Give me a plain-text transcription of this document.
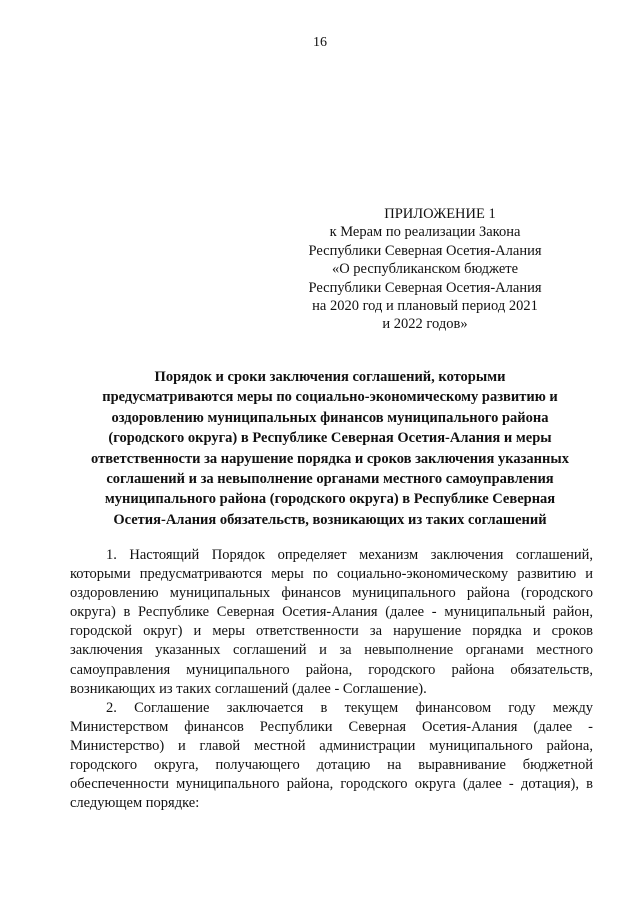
16
ПРИЛОЖЕНИЕ 1
к Мерам по реализации Закона
Республики Северная Осетия-Алания
«О республиканском бюджете
Республики Северная Осетия-Алания
на 2020 год и плановый период 2021
и 2022 годов»
Порядок и сроки заключения соглашений, которыми
предусматриваются меры по социально-экономическому развитию и
оздоровлению муниципальных финансов муниципального района
(городского округа) в Республике Северная Осетия-Алания и меры
ответственности за нарушение порядка и сроков заключения указанных
соглашений и за невыполнение органами местного самоуправления
муниципального района (городского округа) в Республике Северная
Осетия-Алания обязательств, возникающих из таких соглашений
1. Настоящий Порядок определяет механизм заключения соглашений,
которыми предусматриваются меры по социально-экономическому развитию и
оздоровлению муниципальных финансов муниципального района (городского
округа) в Республике Северная Осетия-Алания (далее - муниципальный район,
городской округ) и меры ответственности за нарушение порядка и сроков
заключения указанных соглашений и за невыполнение органами местного
самоуправления муниципального района, городского района обязательств,
возникающих из таких соглашений (далее - Соглашение).
2. Соглашение заключается в текущем финансовом году между
Министерством финансов Республики Северная Осетия-Алания (далее -
Министерство) и главой местной администрации муниципального района,
городского округа, получающего дотацию на выравнивание бюджетной
обеспеченности муниципального района, городского округа (далее - дотация), в
следующем порядке:
